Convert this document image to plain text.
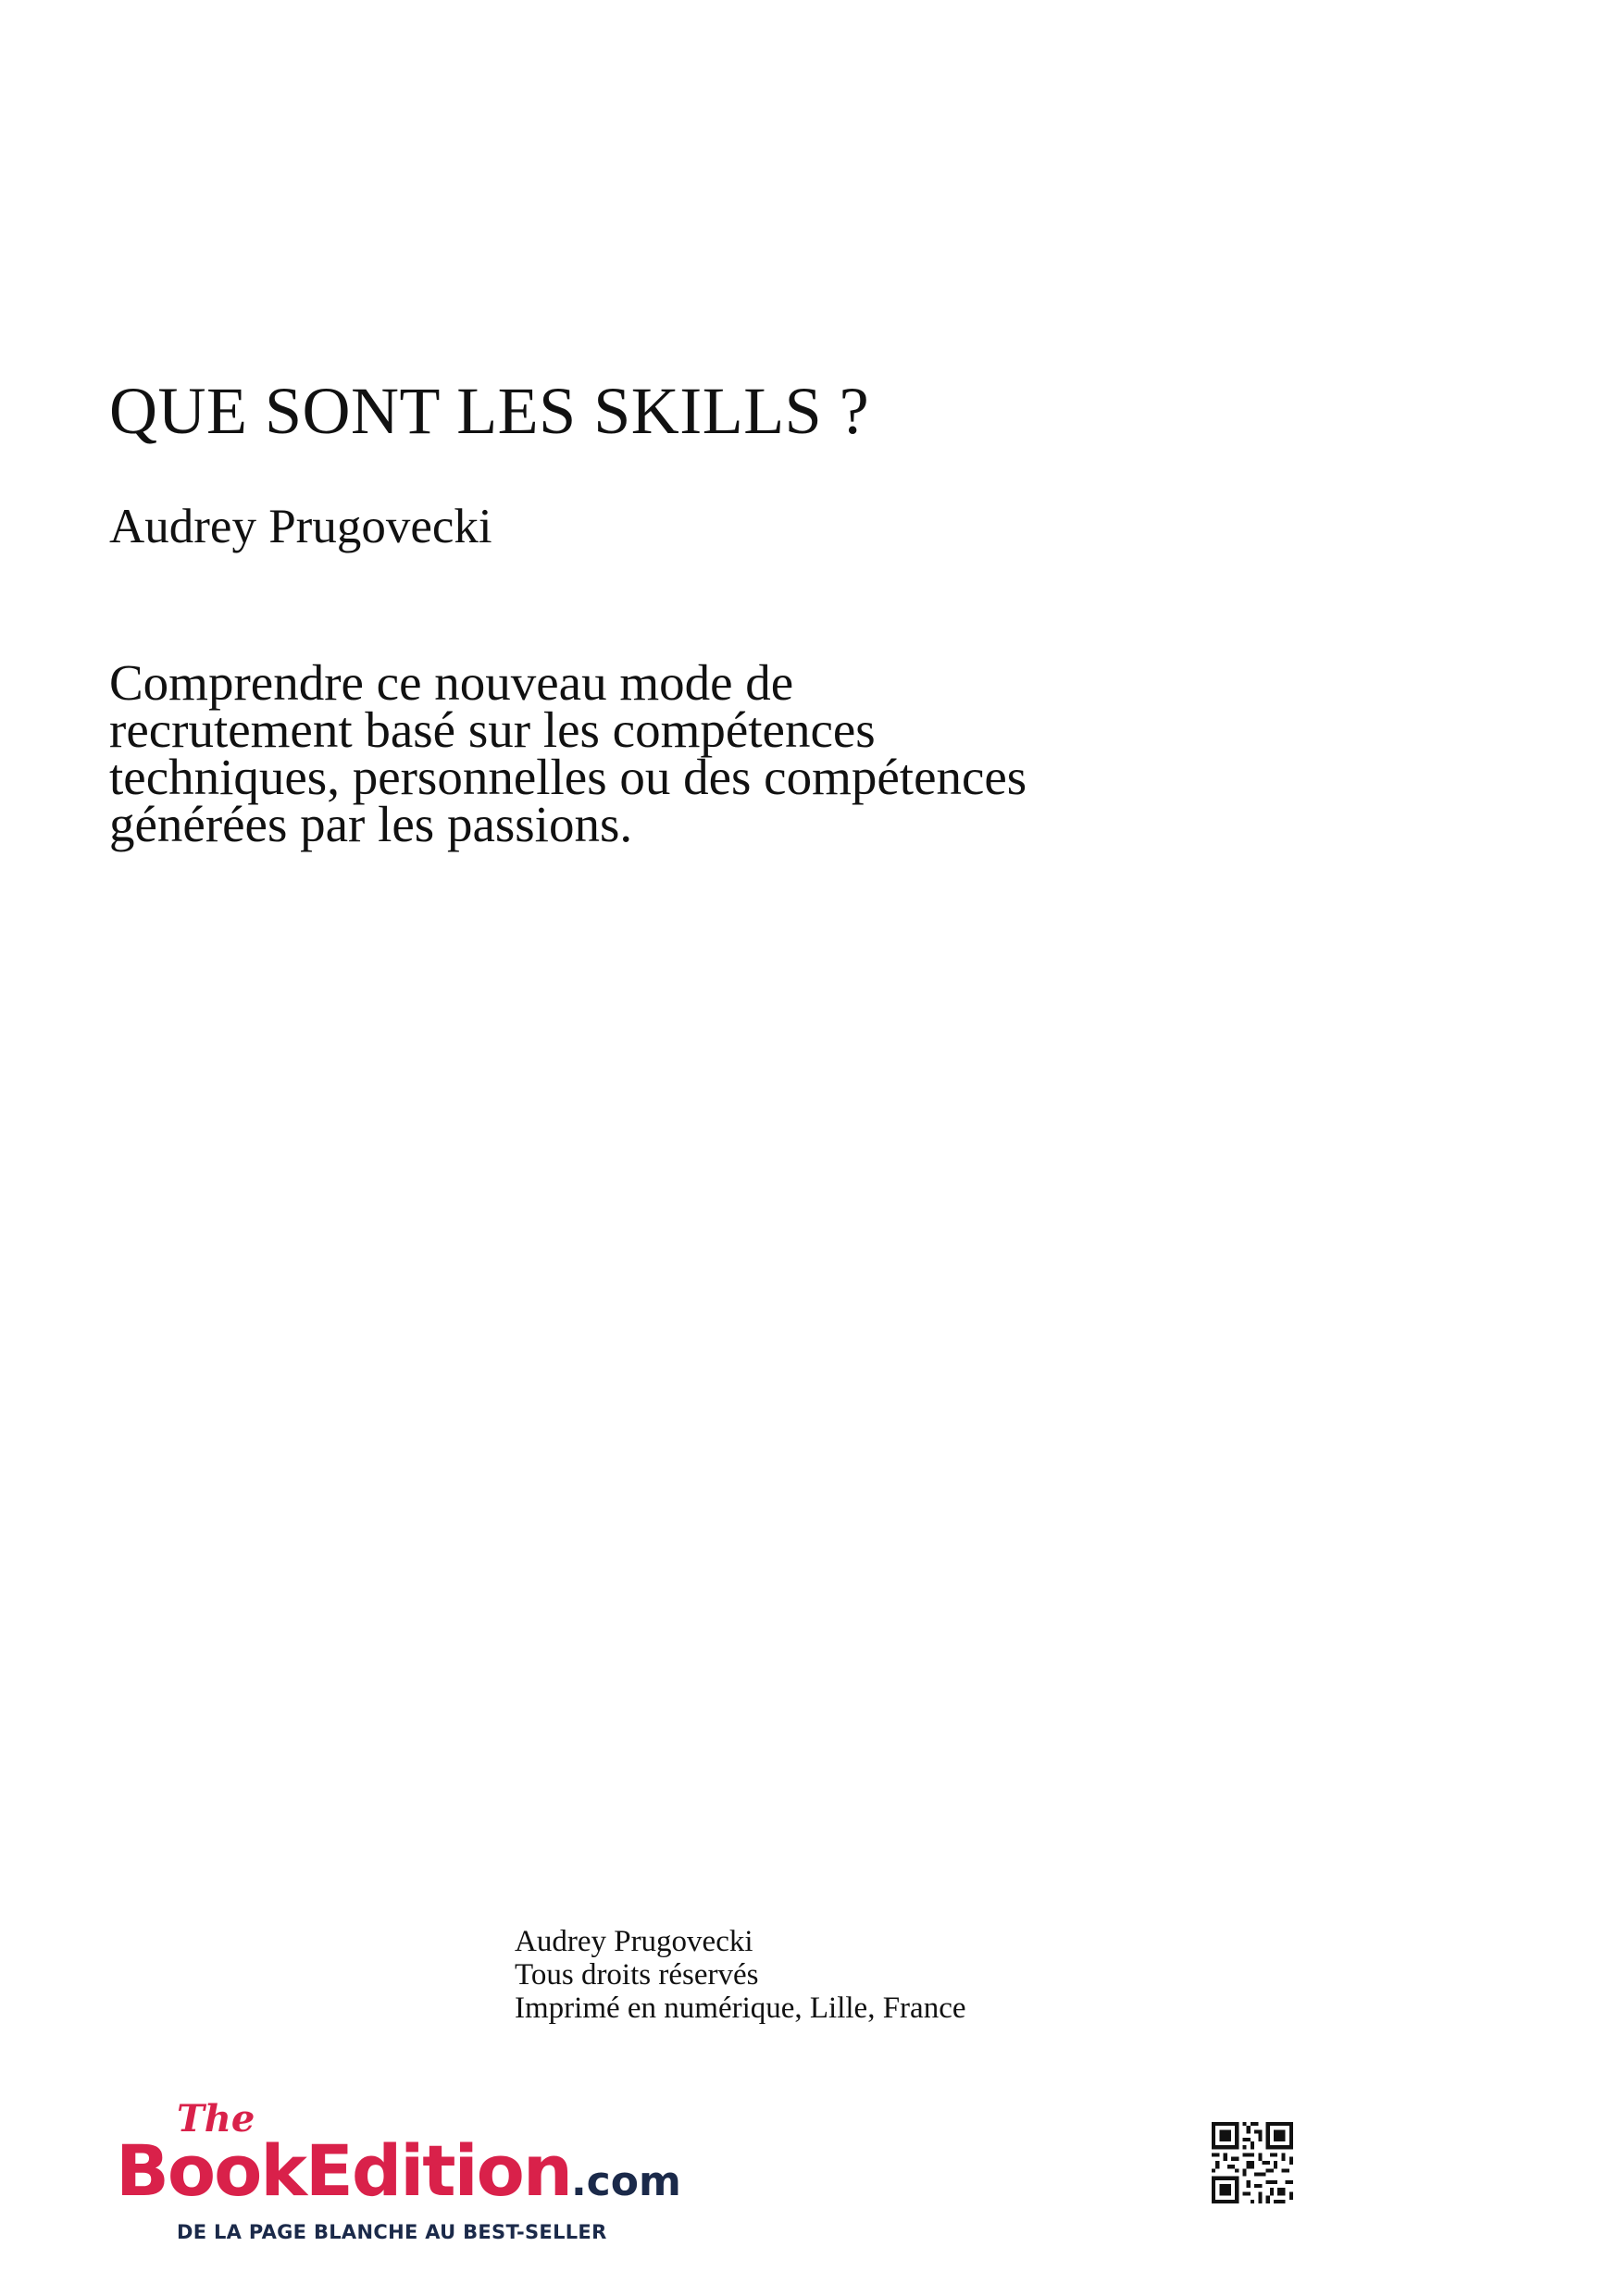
QUE SONT LES SKILLS ?
Audrey Prugovecki
Comprendre ce nouveau mode de
recrutement basé sur les compétences
techniques, personnelles ou des compétences
générées par les passions.
Audrey Prugovecki
Tous droits réservés
Imprimé en numérique, Lille, France
The
BookEdition.com
DE LA PAGE BLANCHE AU BEST-SELLER
